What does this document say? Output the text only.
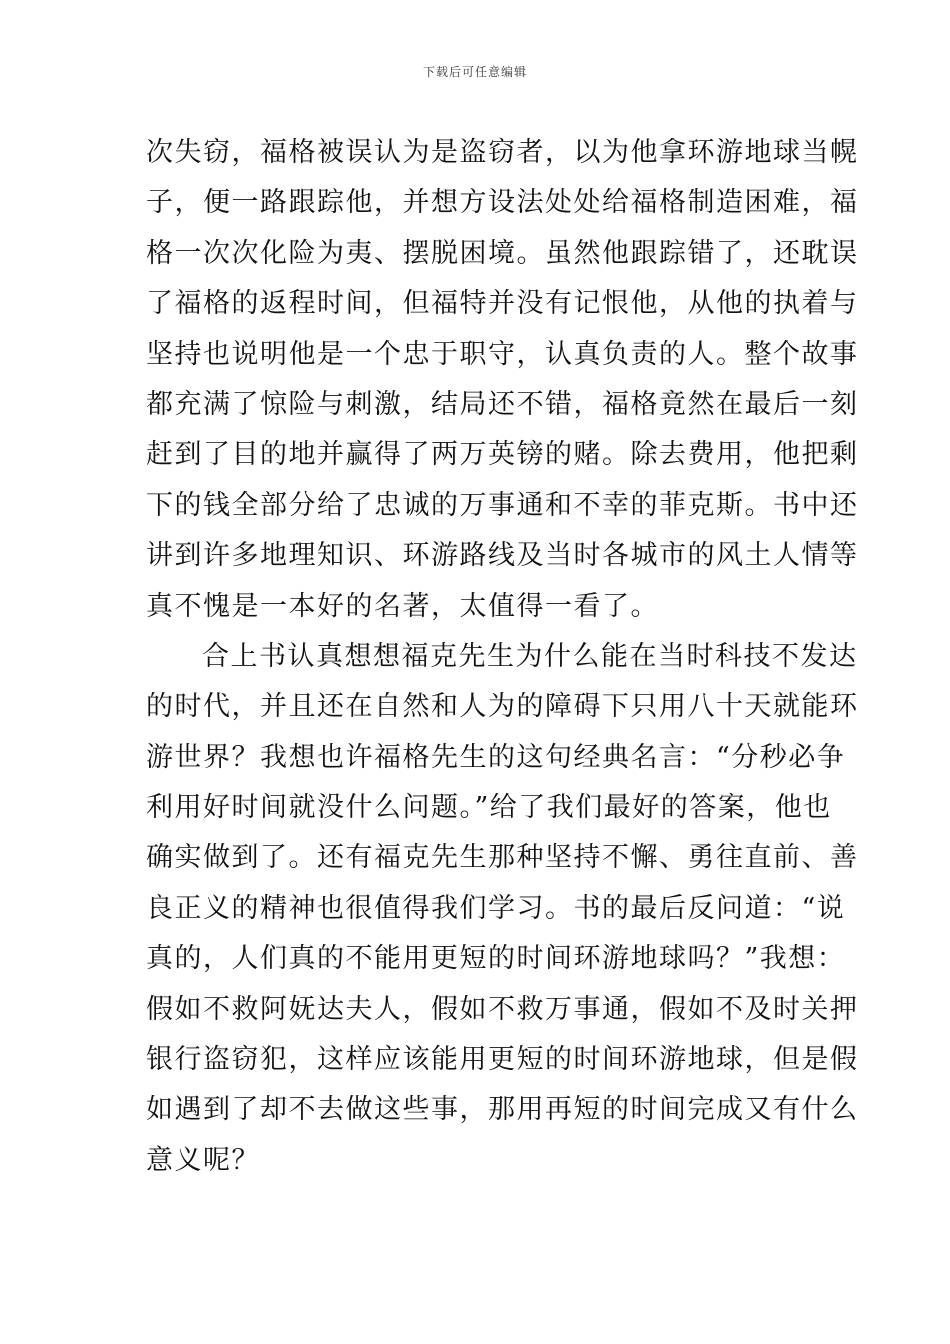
下载后可任意编辑
次失窃，福格被误认为是盗窃者，以为他拿环游地球当幌
子，便一路跟踪他，并想方设法处处给福格制造困难，福
格一次次化险为夷、摆脱困境。虽然他跟踪错了，还耽误
了福格的返程时间，但福特并没有记恨他，从他的执着与
坚持也说明他是一个忠于职守，认真负责的人。整个故事
都充满了惊险与刺激，结局还不错，福格竟然在最后一刻
赶到了目的地并赢得了两万英镑的赌。除去费用，他把剩
下的钱全部分给了忠诚的万事通和不幸的菲克斯。书中还
讲到许多地理知识、环游路线及当时各城市的风土人情等
真不愧是一本好的名著，太值得一看了。
合上书认真想想福克先生为什么能在当时科技不发达
的时代，并且还在自然和人为的障碍下只用八十天就能环
游世界？我想也许福格先生的这句经典名言：“分秒必争
利用好时间就没什么问题。”给了我们最好的答案，他也
确实做到了。还有福克先生那种坚持不懈、勇往直前、善
良正义的精神也很值得我们学习。书的最后反问道：“说
真的，人们真的不能用更短的时间环游地球吗？”我想：
假如不救阿妩达夫人，假如不救万事通，假如不及时关押
银行盗窃犯，这样应该能用更短的时间环游地球，但是假
如遇到了却不去做这些事，那用再短的时间完成又有什么
意义呢？
